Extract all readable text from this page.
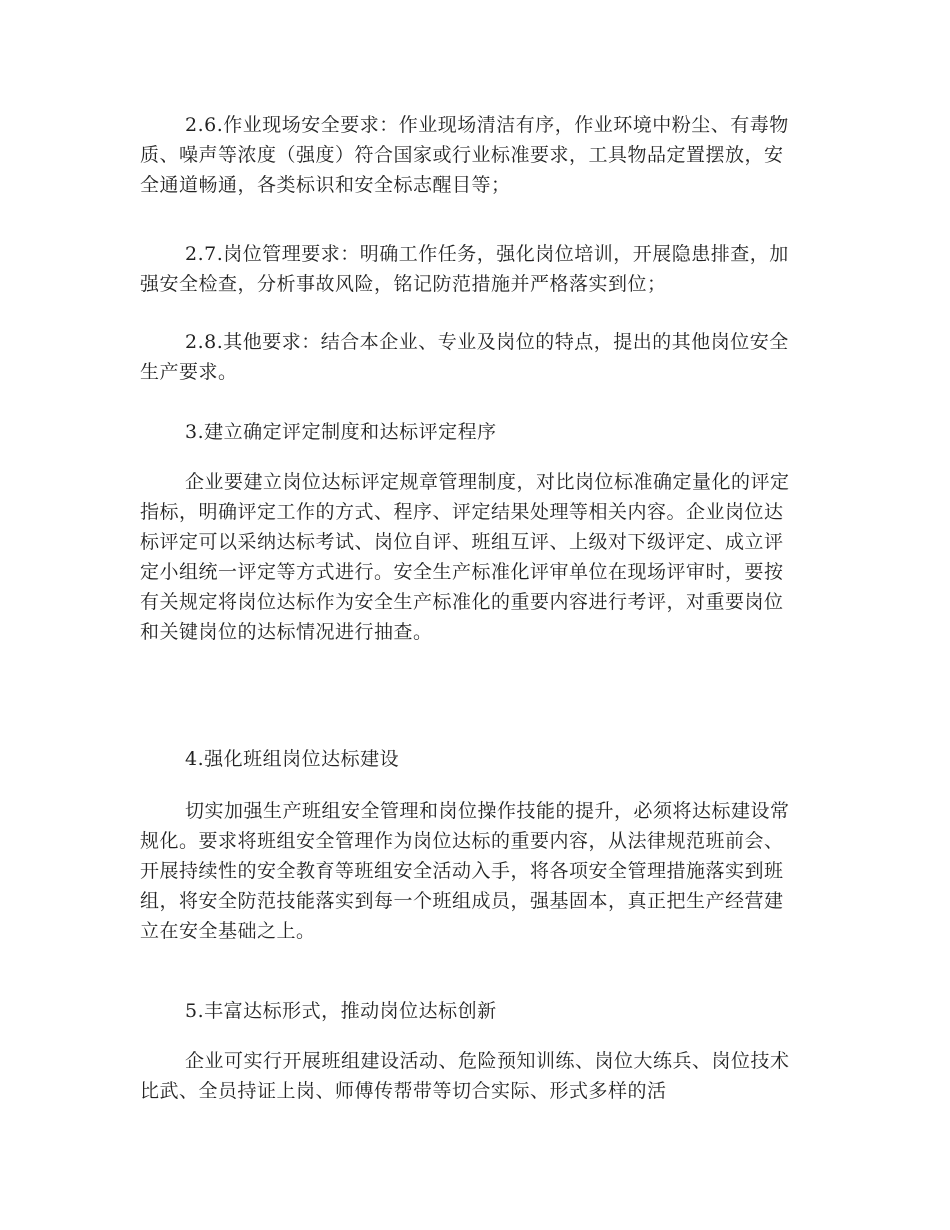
2.6.作业现场安全要求：作业现场清洁有序，作业环境中粉尘、有毒物质、噪声等浓度（强度）符合国家或行业标准要求，工具物品定置摆放，安全通道畅通，各类标识和安全标志醒目等；

2.7.岗位管理要求：明确工作任务，强化岗位培训，开展隐患排查，加强安全检查，分析事故风险，铭记防范措施并严格落实到位；

2.8.其他要求：结合本企业、专业及岗位的特点，提出的其他岗位安全生产要求。

3.建立确定评定制度和达标评定程序

企业要建立岗位达标评定规章管理制度，对比岗位标准确定量化的评定指标，明确评定工作的方式、程序、评定结果处理等相关内容。企业岗位达标评定可以采纳达标考试、岗位自评、班组互评、上级对下级评定、成立评定小组统一评定等方式进行。安全生产标准化评审单位在现场评审时，要按有关规定将岗位达标作为安全生产标准化的重要内容进行考评，对重要岗位和关键岗位的达标情况进行抽查。

4.强化班组岗位达标建设

切实加强生产班组安全管理和岗位操作技能的提升，必须将达标建设常规化。要求将班组安全管理作为岗位达标的重要内容，从法律规范班前会、开展持续性的安全教育等班组安全活动入手，将各项安全管理措施落实到班组，将安全防范技能落实到每一个班组成员，强基固本，真正把生产经营建立在安全基础之上。

5.丰富达标形式，推动岗位达标创新

企业可实行开展班组建设活动、危险预知训练、岗位大练兵、岗位技术比武、全员持证上岗、师傅传帮带等切合实际、形式多样的活
